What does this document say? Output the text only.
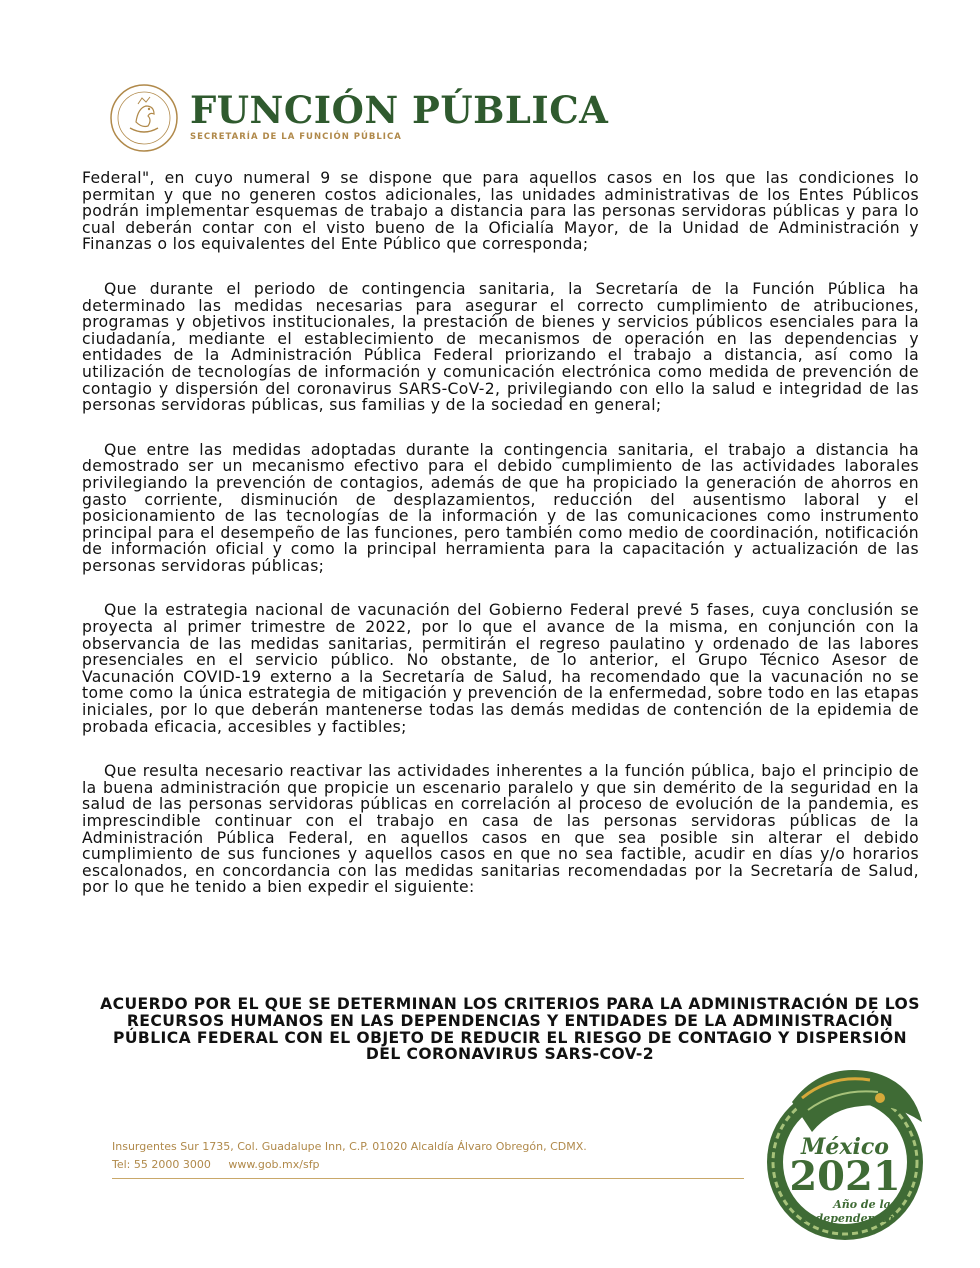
FUNCIÓN PÚBLICA
SECRETARÍA DE LA FUNCIÓN PÚBLICA

Federal", en cuyo numeral 9 se dispone que para aquellos casos en los que las condiciones lo permitan y que no generen costos adicionales, las unidades administrativas de los Entes Públicos podrán implementar esquemas de trabajo a distancia para las personas servidoras públicas y para lo cual deberán contar con el visto bueno de la Oficialía Mayor, de la Unidad de Administración y Finanzas o los equivalentes del Ente Público que corresponda;

Que durante el periodo de contingencia sanitaria, la Secretaría de la Función Pública ha determinado las medidas necesarias para asegurar el correcto cumplimiento de atribuciones, programas y objetivos institucionales, la prestación de bienes y servicios públicos esenciales para la ciudadanía, mediante el establecimiento de mecanismos de operación en las dependencias y entidades de la Administración Pública Federal priorizando el trabajo a distancia, así como la utilización de tecnologías de información y comunicación electrónica como medida de prevención de contagio y dispersión del coronavirus SARS-CoV-2, privilegiando con ello la salud e integridad de las personas servidoras públicas, sus familias y de la sociedad en general;

Que entre las medidas adoptadas durante la contingencia sanitaria, el trabajo a distancia ha demostrado ser un mecanismo efectivo para el debido cumplimiento de las actividades laborales privilegiando la prevención de contagios, además de que ha propiciado la generación de ahorros en gasto corriente, disminución de desplazamientos, reducción del ausentismo laboral y el posicionamiento de las tecnologías de la información y de las comunicaciones como instrumento principal para el desempeño de las funciones, pero también como medio de coordinación, notificación de información oficial y como la principal herramienta para la capacitación y actualización de las personas servidoras públicas;

Que la estrategia nacional de vacunación del Gobierno Federal prevé 5 fases, cuya conclusión se proyecta al primer trimestre de 2022, por lo que el avance de la misma, en conjunción con la observancia de las medidas sanitarias, permitirán el regreso paulatino y ordenado de las labores presenciales en el servicio público. No obstante, de lo anterior, el Grupo Técnico Asesor de Vacunación COVID-19 externo a la Secretaría de Salud, ha recomendado que la vacunación no se tome como la única estrategia de mitigación y prevención de la enfermedad, sobre todo en las etapas iniciales, por lo que deberán mantenerse todas las demás medidas de contención de la epidemia de probada eficacia, accesibles y factibles;

Que resulta necesario reactivar las actividades inherentes a la función pública, bajo el principio de la buena administración que propicie un escenario paralelo y que sin demérito de la seguridad en la salud de las personas servidoras públicas en correlación al proceso de evolución de la pandemia, es imprescindible continuar con el trabajo en casa de las personas servidoras públicas de la Administración Pública Federal, en aquellos casos en que sea posible sin alterar el debido cumplimiento de sus funciones y aquellos casos en que no sea factible, acudir en días y/o horarios escalonados, en concordancia con las medidas sanitarias recomendadas por la Secretaría de Salud, por lo que he tenido a bien expedir el siguiente:

ACUERDO POR EL QUE SE DETERMINAN LOS CRITERIOS PARA LA ADMINISTRACIÓN DE LOS RECURSOS HUMANOS EN LAS DEPENDENCIAS Y ENTIDADES DE LA ADMINISTRACIÓN PÚBLICA FEDERAL CON EL OBJETO DE REDUCIR EL RIESGO DE CONTAGIO Y DISPERSIÓN DEL CORONAVIRUS SARS-COV-2
Insurgentes Sur 1735, Col. Guadalupe Inn, C.P. 01020 Alcaldía Álvaro Obregón, CDMX.
Tel: 55 2000 3000 www.gob.mx/sfp
México
2021
Año de la
Independencia
